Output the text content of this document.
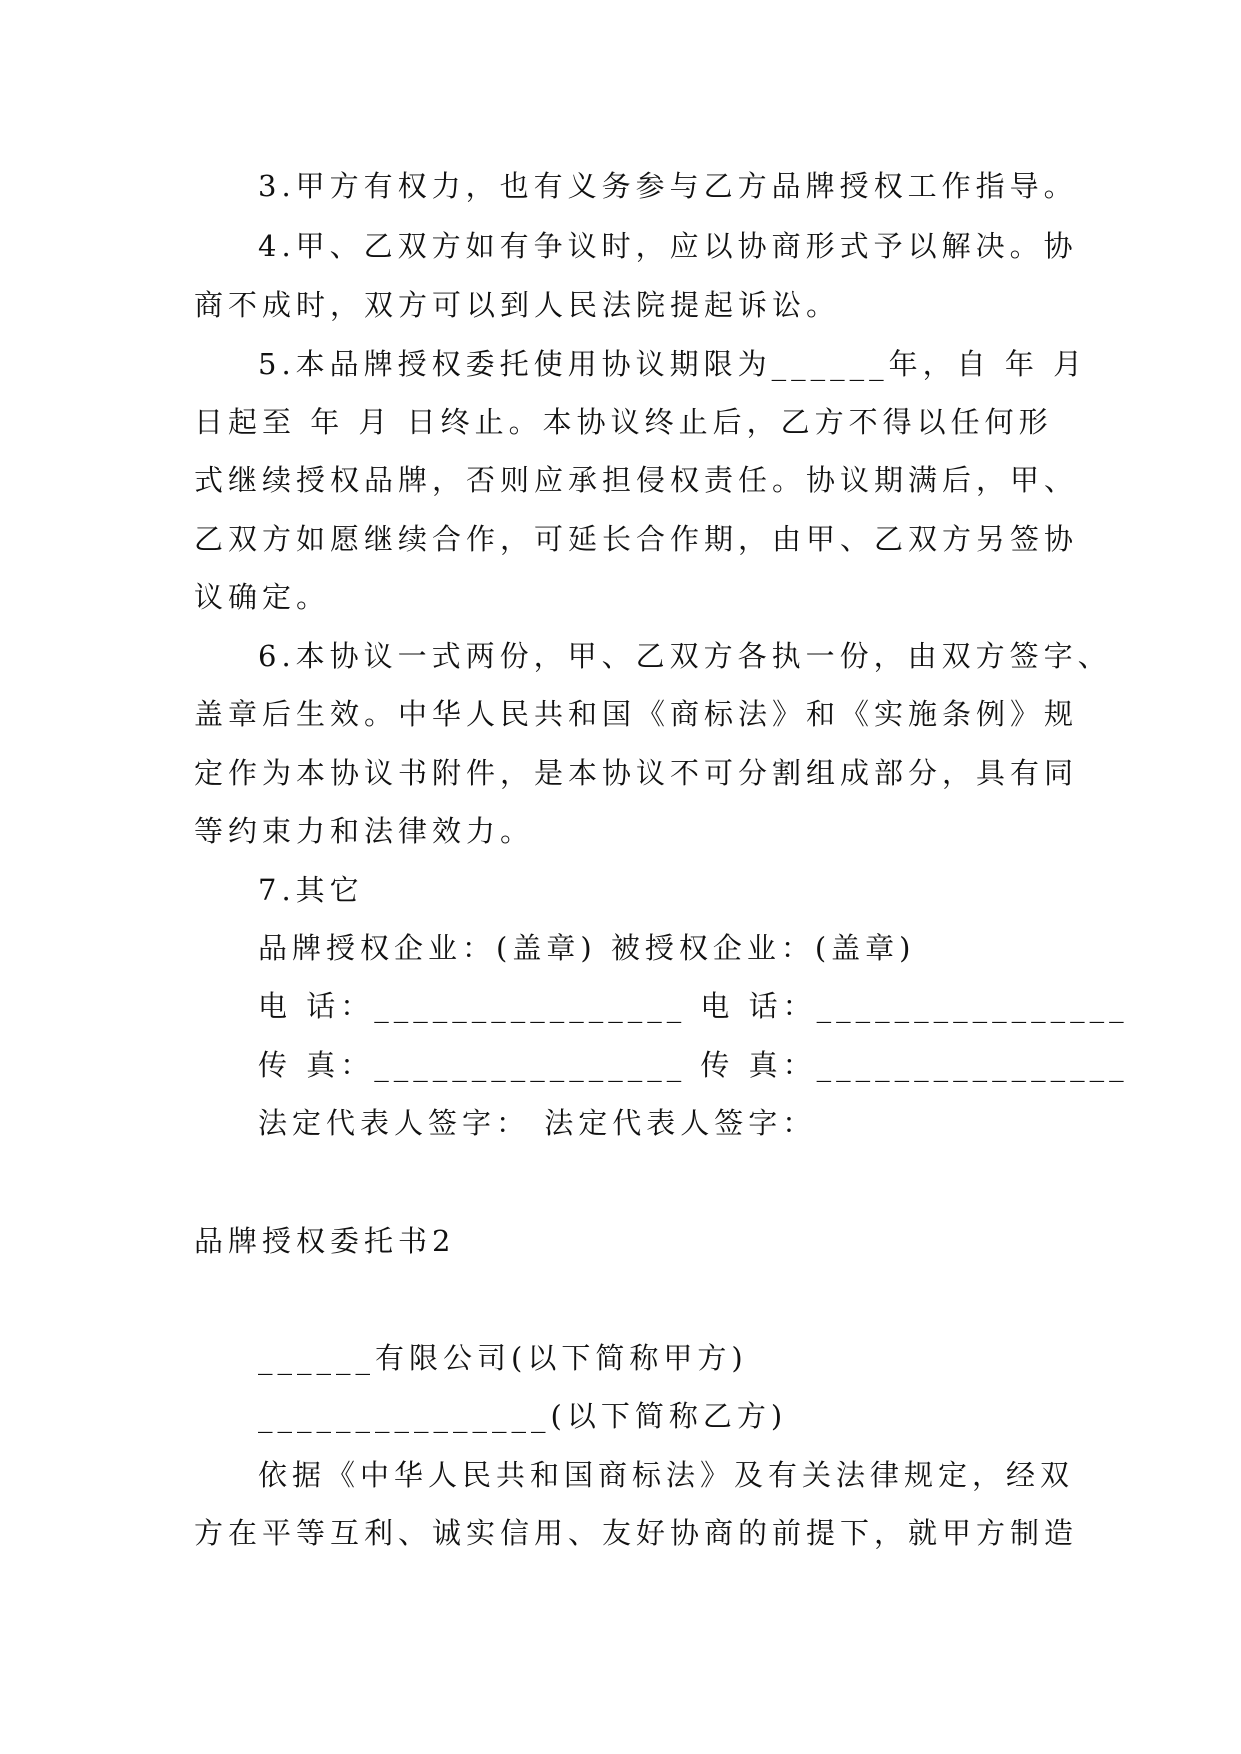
3.甲方有权力，也有义务参与乙方品牌授权工作指导。
4.甲、乙双方如有争议时，应以协商形式予以解决。协
商不成时，双方可以到人民法院提起诉讼。
5.本品牌授权委托使用协议期限为______年，自 年 月
日起至 年 月 日终止。本协议终止后，乙方不得以任何形
式继续授权品牌，否则应承担侵权责任。协议期满后，甲、
乙双方如愿继续合作，可延长合作期，由甲、乙双方另签协
议确定。
6.本协议一式两份，甲、乙双方各执一份，由双方签字、
盖章后生效。中华人民共和国《商标法》和《实施条例》规
定作为本协议书附件，是本协议不可分割组成部分，具有同
等约束力和法律效力。
7.其它
品牌授权企业：(盖章) 被授权企业：(盖章)
电 话：________________ 电 话：________________
传 真：________________ 传 真：________________
法定代表人签字： 法定代表人签字：
品牌授权委托书2
______有限公司(以下简称甲方)
_______________(以下简称乙方)
依据《中华人民共和国商标法》及有关法律规定，经双
方在平等互利、诚实信用、友好协商的前提下，就甲方制造
